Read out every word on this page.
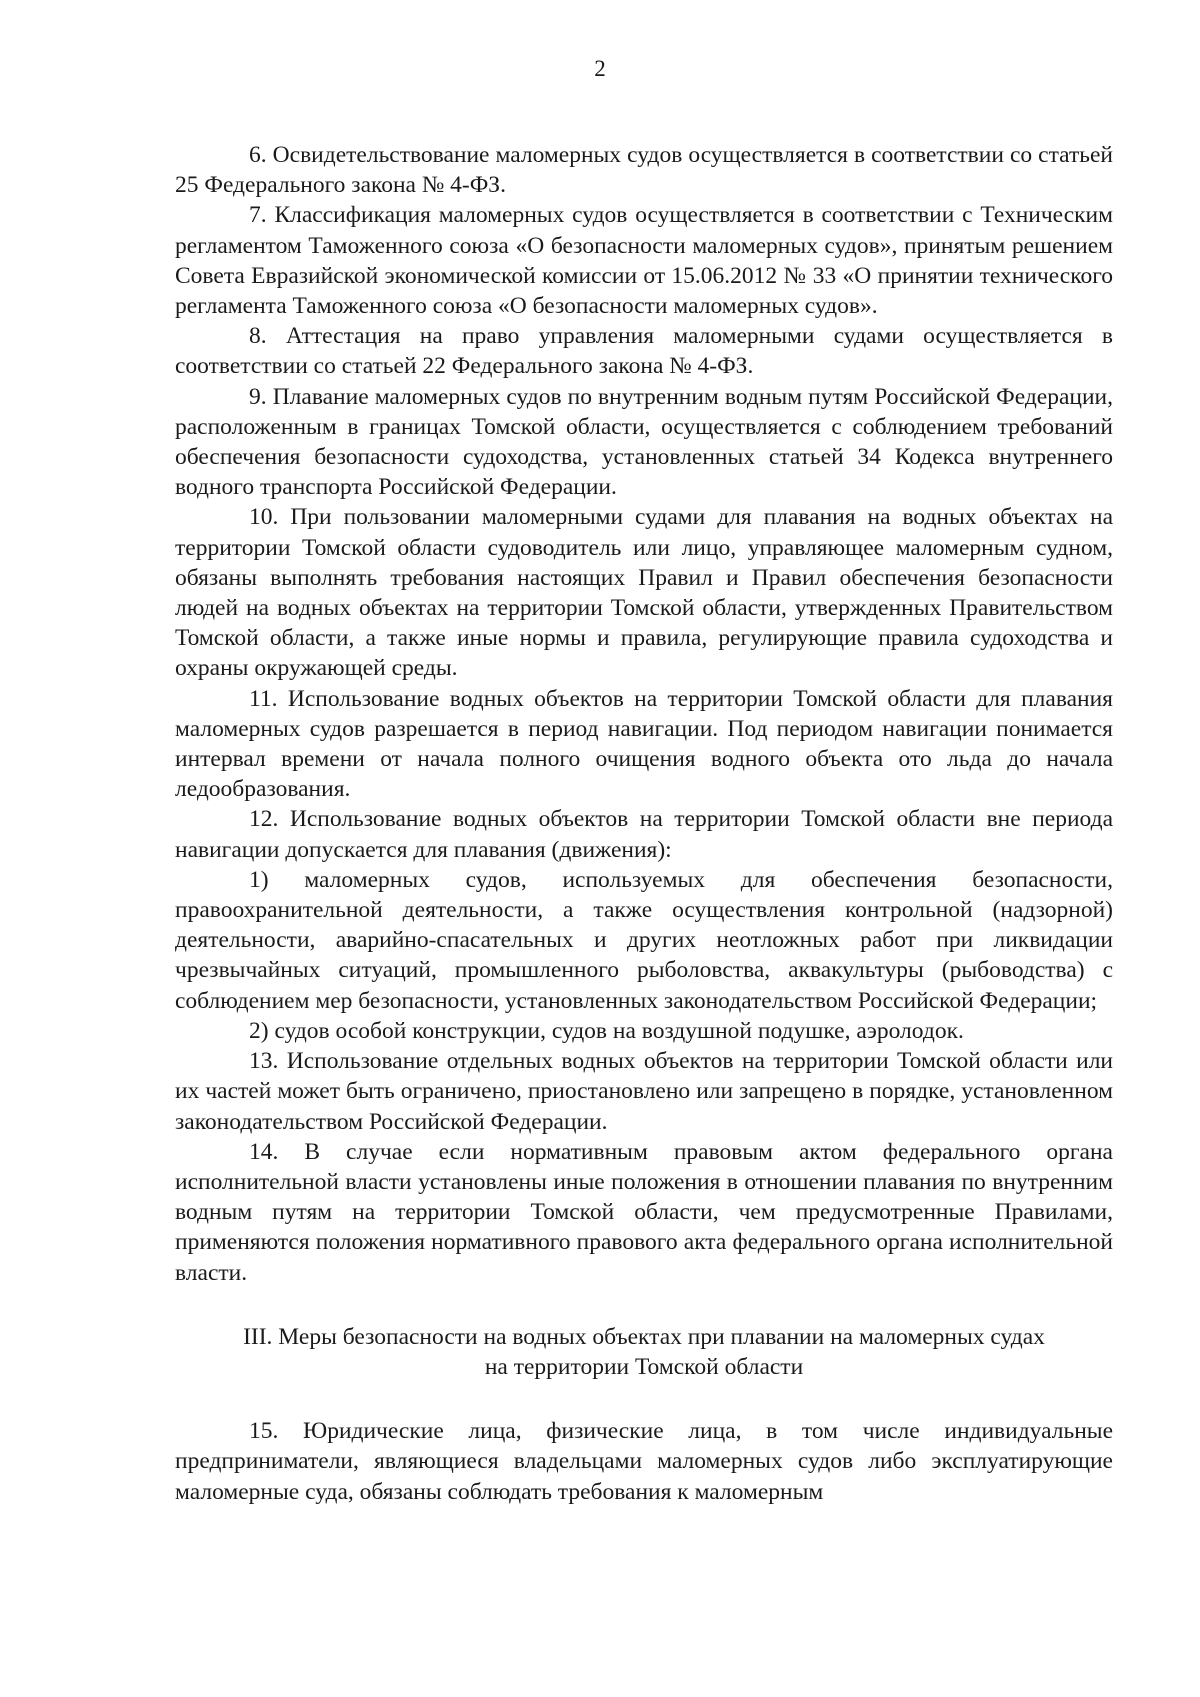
2

6. Освидетельствование маломерных судов осуществляется в соответствии со статьей 25 Федерального закона № 4-ФЗ.

7. Классификация маломерных судов осуществляется в соответствии с Техническим регламентом Таможенного союза «О безопасности маломерных судов», принятым решением Совета Евразийской экономической комиссии от 15.06.2012 № 33 «О принятии технического регламента Таможенного союза «О безопасности маломерных судов».

8. Аттестация на право управления маломерными судами осуществляется в соответствии со статьей 22 Федерального закона № 4-ФЗ.

9. Плавание маломерных судов по внутренним водным путям Российской Федерации, расположенным в границах Томской области, осуществляется с соблюдением требований обеспечения безопасности судоходства, установленных статьей 34 Кодекса внутреннего водного транспорта Российской Федерации.

10. При пользовании маломерными судами для плавания на водных объектах на территории Томской области судоводитель или лицо, управляющее маломерным судном, обязаны выполнять требования настоящих Правил и Правил обеспечения безопасности людей на водных объектах на территории Томской области, утвержденных Правительством Томской области, а также иные нормы и правила, регулирующие правила судоходства и охраны окружающей среды.

11. Использование водных объектов на территории Томской области для плавания маломерных судов разрешается в период навигации. Под периодом навигации понимается интервал времени от начала полного очищения водного объекта ото льда до начала ледообразования.

12. Использование водных объектов на территории Томской области вне периода навигации допускается для плавания (движения):

1) маломерных судов, используемых для обеспечения безопасности, правоохранительной деятельности, а также осуществления контрольной (надзорной) деятельности, аварийно-спасательных и других неотложных работ при ликвидации чрезвычайных ситуаций, промышленного рыболовства, аквакультуры (рыбоводства) с соблюдением мер безопасности, установленных законодательством Российской Федерации;

2) судов особой конструкции, судов на воздушной подушке, аэролодок.

13. Использование отдельных водных объектов на территории Томской области или их частей может быть ограничено, приостановлено или запрещено в порядке, установленном законодательством Российской Федерации.

14. В случае если нормативным правовым актом федерального органа исполнительной власти установлены иные положения в отношении плавания по внутренним водным путям на территории Томской области, чем предусмотренные Правилами, применяются положения нормативного правового акта федерального органа исполнительной власти.

III. Меры безопасности на водных объектах при плавании на маломерных судах
на территории Томской области

15. Юридические лица, физические лица, в том числе индивидуальные предприниматели, являющиеся владельцами маломерных судов либо эксплуатирующие маломерные суда, обязаны соблюдать требования к маломерным
